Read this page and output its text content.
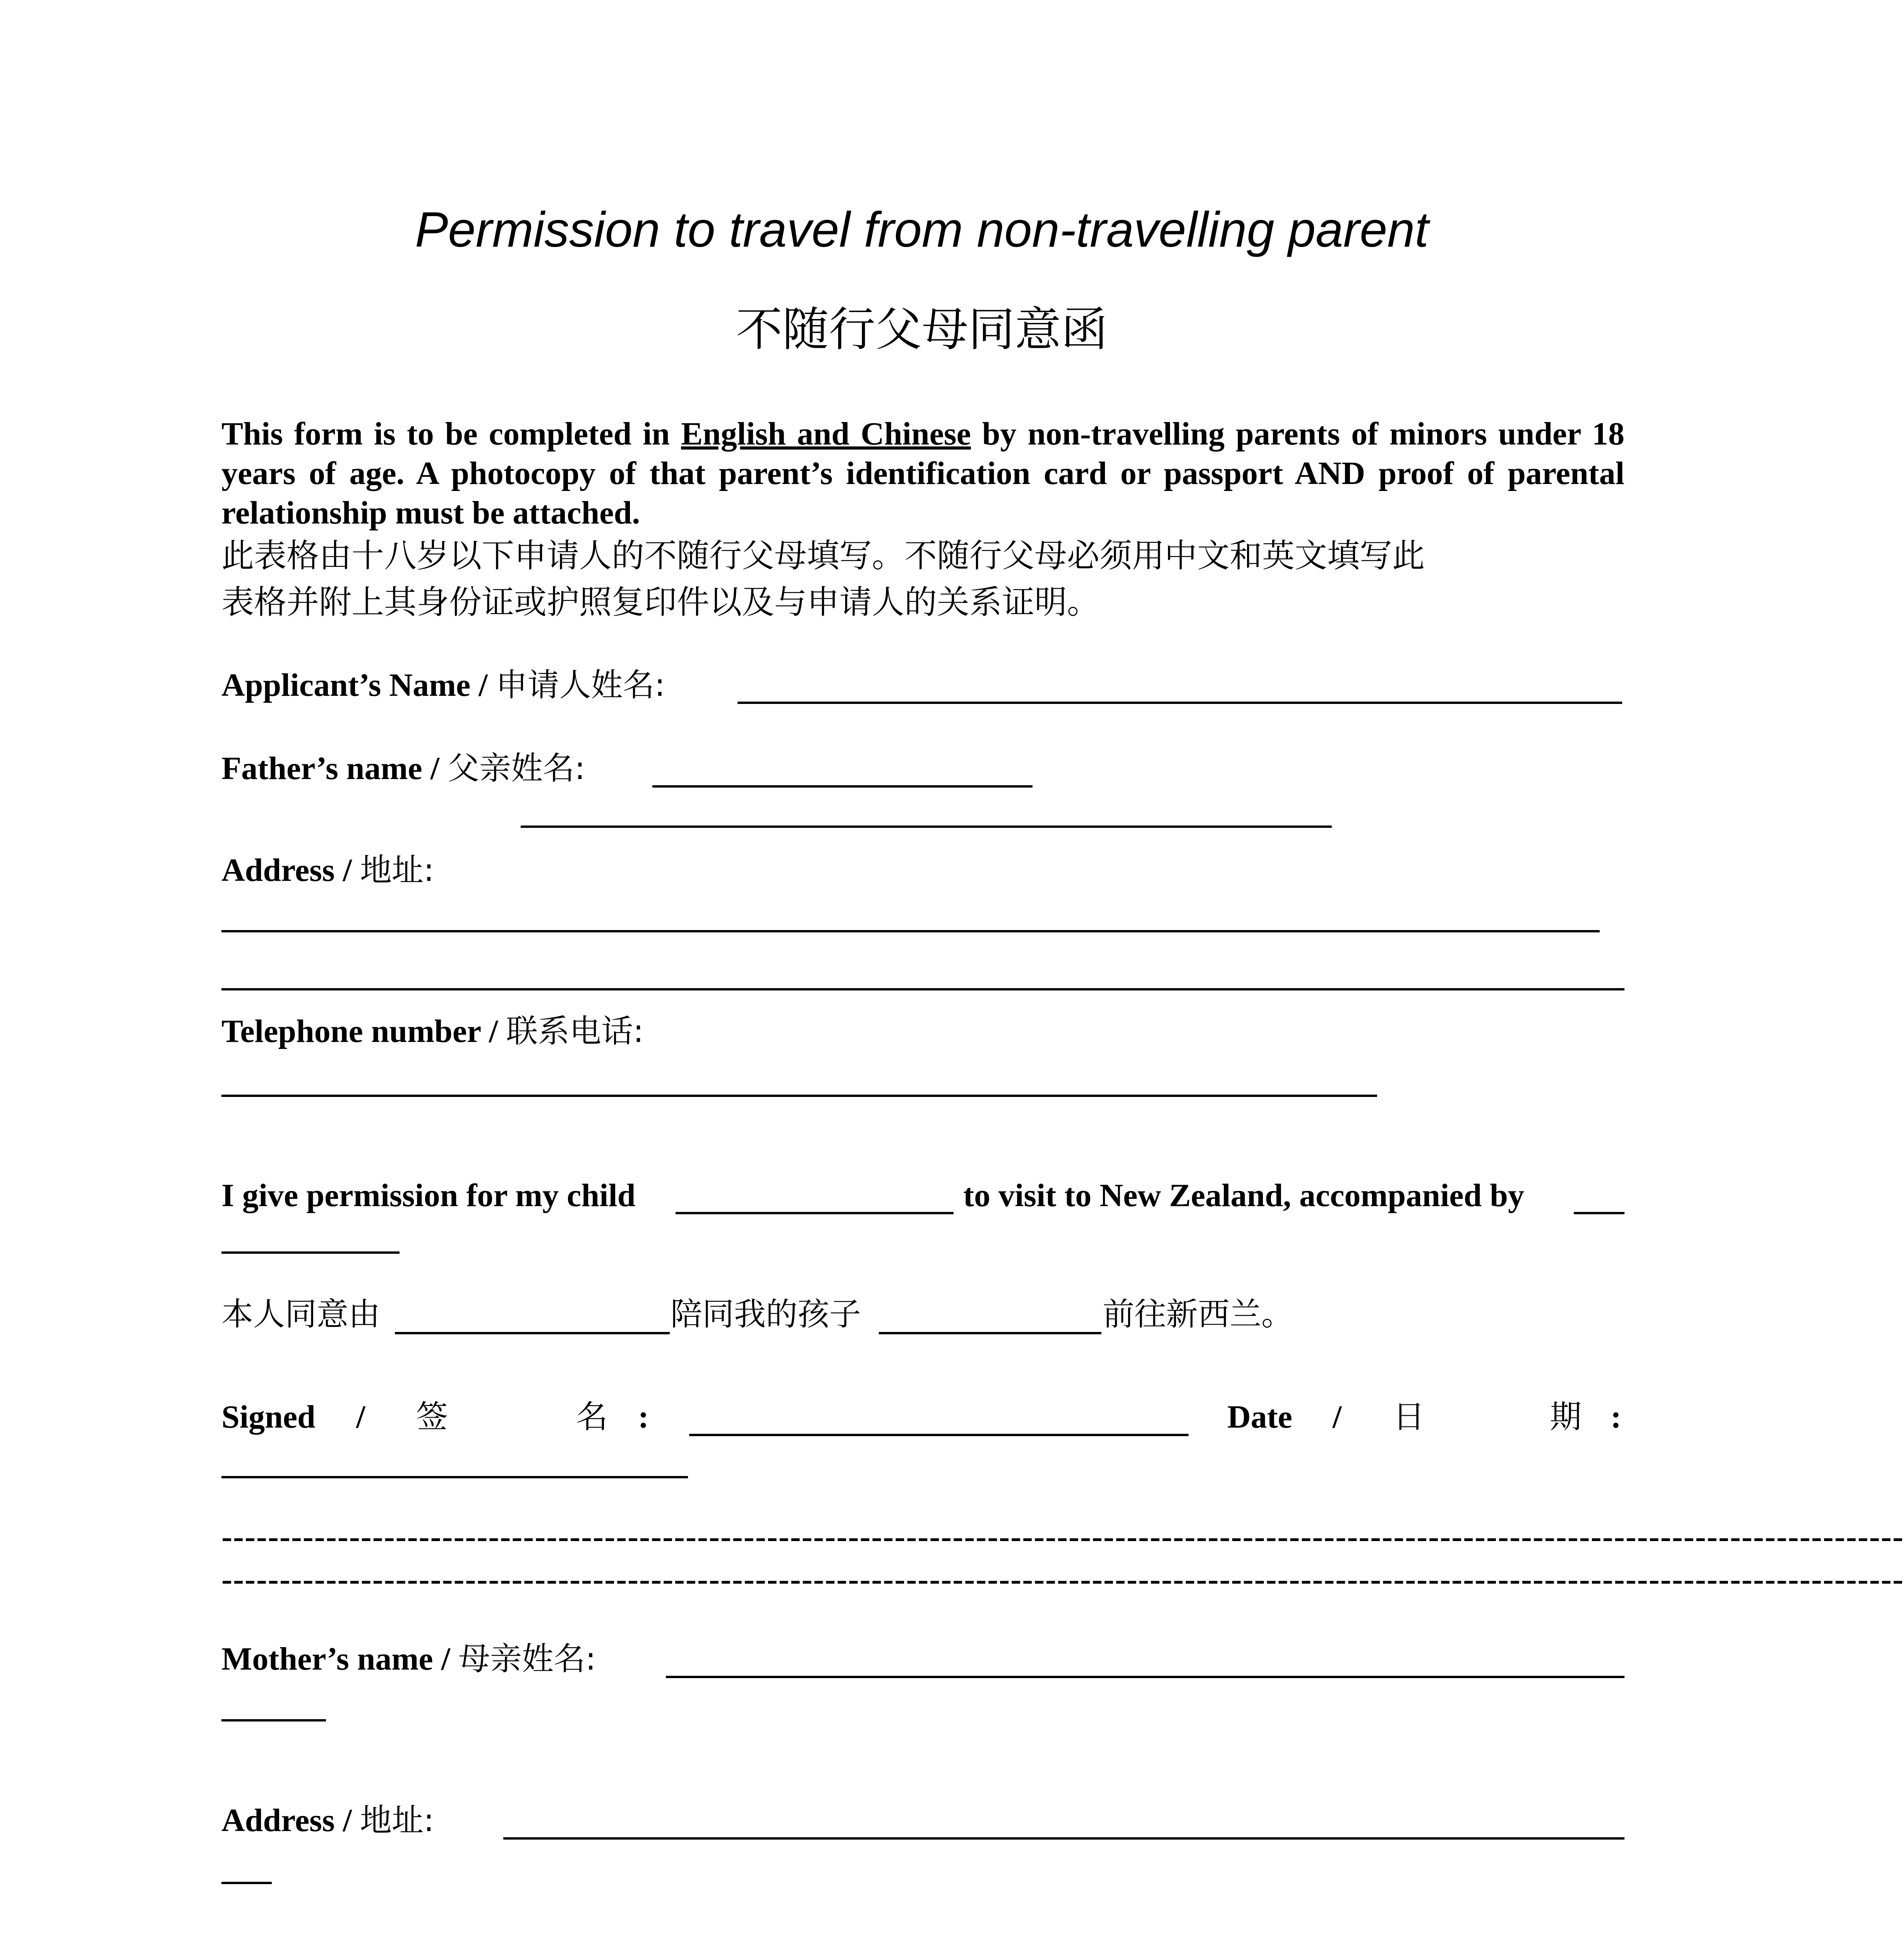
Permission to travel from non-travelling parent
不随行父母同意函
This form is to be completed in English and Chinese by non-travelling parents of minors under 18 years of age. A photocopy of that parent’s identification card or passport AND proof of parental relationship must be attached.
此表格由十八岁以下申请人的不随行父母填写。不随行父母必须用中文和英文填写此
表格并附上其身份证或护照复印件以及与申请人的关系证明。
Applicant’s Name / 申请人姓名:
Father’s name / 父亲姓名:
Address / 地址:
Telephone number / 联系电话:
I give permission for my child	to visit to New Zealand, accompanied by
本人同意由	陪同我的孩子	前往新西兰。
Signed / 签	名 :	Date / 日	期 :
-------------------------------------------------------------------------------------------------------------------------------------------------
-------------------------------------------------------------------------------------------------------------------------------------------------
Mother’s name / 母亲姓名:
Address / 地址:
